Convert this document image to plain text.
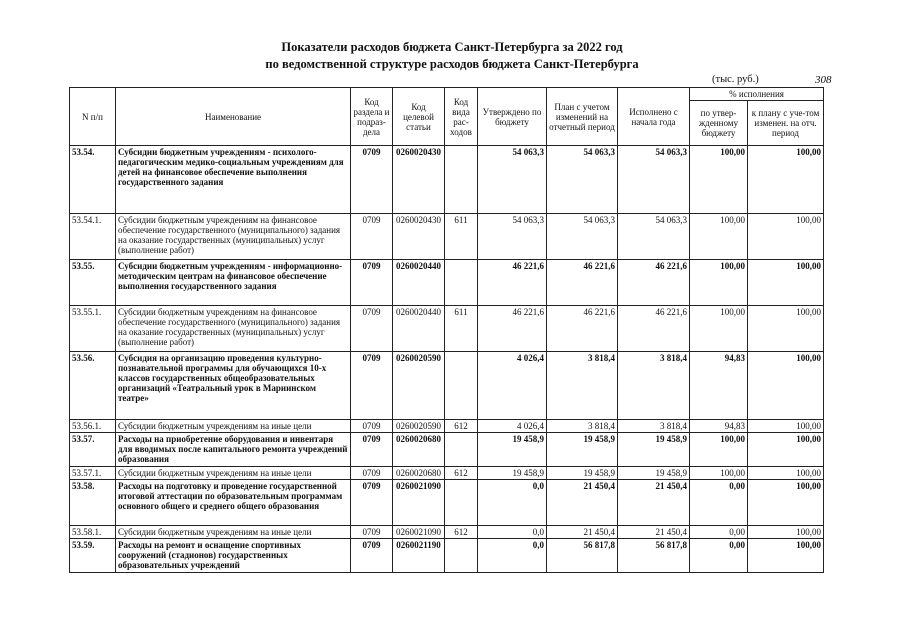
Показатели расходов бюджета Санкт-Петербурга за 2022 год
по ведомственной структуре расходов бюджета Санкт-Петербурга
(тыс. руб.)	308
N п/п	Наименование	Код раздела и подраз-дела	Код целевой статьи	Код вида рас-ходов	Утверждено по бюджету	План с учетом изменений на отчетный период	Исполнено с начала года	% исполнения	
								по утвер-жденному бюджету	к плану с уче-том изменен. на отч. период
53.54.	Субсидии бюджетным учреждениям - психолого-педагогическим медико-социальным учреждениям для детей на финансовое обеспечение выполнения государственного задания	0709	0260020430		54 063,3	54 063,3	54 063,3	100,00	100,00
53.54.1.	Субсидии бюджетным учреждениям на финансовое обеспечение государственного (муниципального) задания на оказание государственных (муниципальных) услуг (выполнение работ)	0709	0260020430	611	54 063,3	54 063,3	54 063,3	100,00	100,00
53.55.	Субсидии бюджетным учреждениям - информационно-методическим центрам на финансовое обеспечение выполнения государственного задания	0709	0260020440		46 221,6	46 221,6	46 221,6	100,00	100,00
53.55.1.	Субсидии бюджетным учреждениям на финансовое обеспечение государственного (муниципального) задания на оказание государственных (муниципальных) услуг (выполнение работ)	0709	0260020440	611	46 221,6	46 221,6	46 221,6	100,00	100,00
53.56.	Субсидия на организацию проведения культурно-познавательной программы для обучающихся 10-х классов государственных общеобразовательных организаций «Театральный урок в Мариинском театре»	0709	0260020590		4 026,4	3 818,4	3 818,4	94,83	100,00
53.56.1.	Субсидии бюджетным учреждениям на иные цели	0709	0260020590	612	4 026,4	3 818,4	3 818,4	94,83	100,00
53.57.	Расходы на приобретение оборудования и инвентаря для вводимых после капитального ремонта учреждений образования	0709	0260020680		19 458,9	19 458,9	19 458,9	100,00	100,00
53.57.1.	Субсидии бюджетным учреждениям на иные цели	0709	0260020680	612	19 458,9	19 458,9	19 458,9	100,00	100,00
53.58.	Расходы на подготовку и проведение государственной итоговой аттестации по образовательным программам основного общего и среднего общего образования	0709	0260021090		0,0	21 450,4	21 450,4	0,00	100,00
53.58.1.	Субсидии бюджетным учреждениям на иные цели	0709	0260021090	612	0,0	21 450,4	21 450,4	0,00	100,00
53.59.	Расходы на ремонт и оснащение спортивных сооружений (стадионов) государственных образовательных учреждений	0709	0260021190		0,0	56 817,8	56 817,8	0,00	100,00
